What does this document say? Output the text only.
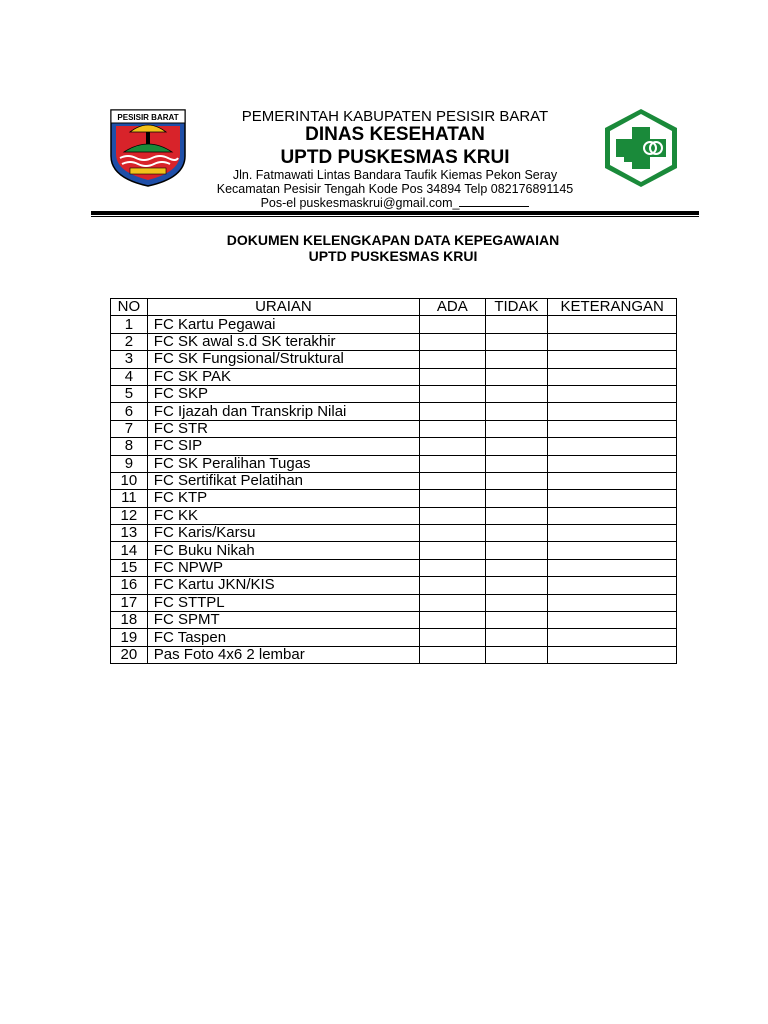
PESISIR BARAT	PEMERINTAH KABUPATEN PESISIR BARAT
DINAS KESEHATAN
UPTD PUSKESMAS KRUI
Jln. Fatmawati Lintas Bandara Taufik Kiemas Pekon Seray
Kecamatan Pesisir Tengah Kode Pos 34894 Telp 082176891145
Pos-el puskesmaskrui@gmail.com_
DOKUMEN KELENGKAPAN DATA KEPEGAWAIAN
UPTD PUSKESMAS KRUI
NO	URAIAN	ADA	TIDAK	KETERANGAN
1	FC Kartu Pegawai			
2	FC SK awal s.d SK terakhir			
3	FC SK Fungsional/Struktural			
4	FC SK PAK			
5	FC SKP			
6	FC Ijazah dan Transkrip Nilai			
7	FC STR			
8	FC SIP			
9	FC SK Peralihan Tugas			
10	FC Sertifikat Pelatihan			
11	FC KTP			
12	FC KK			
13	FC Karis/Karsu			
14	FC Buku Nikah			
15	FC NPWP			
16	FC Kartu JKN/KIS			
17	FC STTPL			
18	FC SPMT			
19	FC Taspen			
20	Pas Foto 4x6 2 lembar			
